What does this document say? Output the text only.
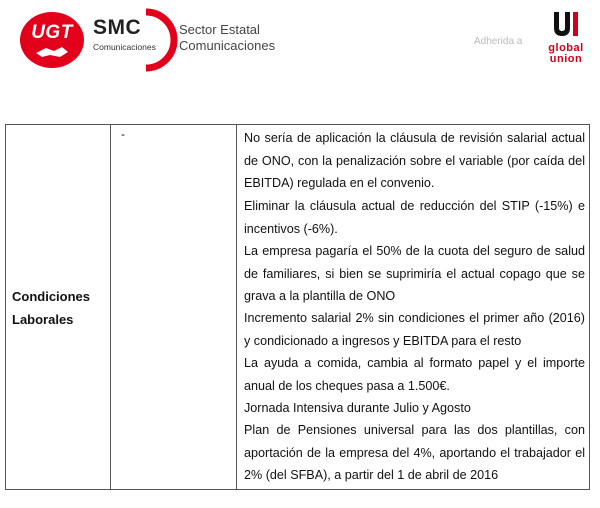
UGT SMC
Comunicaciones
Sector Estatal
Comunicaciones	Adherida a
global
union
Condiciones
Laborales
-	No sería de aplicación la cláusula de revisión salarial actual de ONO, con la penalización sobre el variable (por caída del EBITDA) regulada en el convenio.

Eliminar la cláusula actual de reducción del STIP (-15%) e incentivos (-6%).

La empresa pagaría el 50% de la cuota del seguro de salud de familiares, si bien se suprimiría el actual copago que se grava a la plantilla de ONO

Incremento salarial 2% sin condiciones el primer año (2016) y condicionado a ingresos y EBITDA para el resto

La ayuda a comida, cambia al formato papel y el importe anual de los cheques pasa a 1.500€.

Jornada Intensiva durante Julio y Agosto

Plan de Pensiones universal para las dos plantillas, con aportación de la empresa del 4%, aportando el trabajador el 2% (del SFBA), a partir del 1 de abril de 2016
